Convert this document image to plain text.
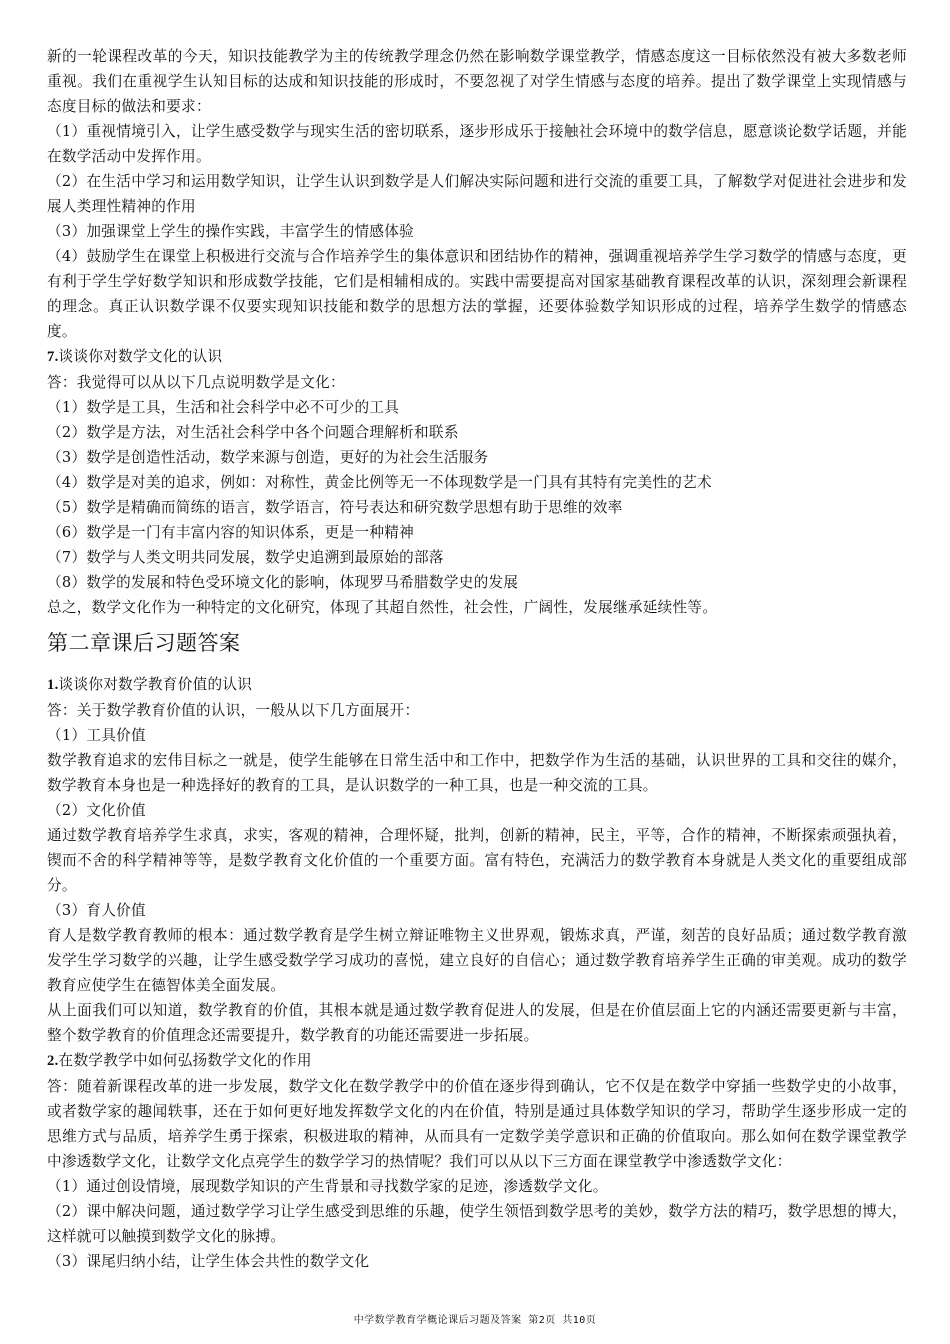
新的一轮课程改革的今天，知识技能教学为主的传统教学理念仍然在影响数学课堂教学，情感态度这一目标依然没有被大多数老师重视。我们在重视学生认知目标的达成和知识技能的形成时，不要忽视了对学生情感与态度的培养。提出了数学课堂上实现情感与态度目标的做法和要求：

（1）重视情境引入，让学生感受数学与现实生活的密切联系，逐步形成乐于接触社会环境中的数学信息，愿意谈论数学话题，并能在数学活动中发挥作用。

（2）在生活中学习和运用数学知识，让学生认识到数学是人们解决实际问题和进行交流的重要工具，了解数学对促进社会进步和发展人类理性精神的作用

（3）加强课堂上学生的操作实践，丰富学生的情感体验

（4）鼓励学生在课堂上积极进行交流与合作培养学生的集体意识和团结协作的精神，强调重视培养学生学习数学的情感与态度，更有利于学生学好数学知识和形成数学技能，它们是相辅相成的。实践中需要提高对国家基础教育课程改革的认识，深刻理会新课程的理念。真正认识数学课不仅要实现知识技能和数学的思想方法的掌握，还要体验数学知识形成的过程，培养学生数学的情感态度。

7.谈谈你对数学文化的认识

答：我觉得可以从以下几点说明数学是文化：

（1）数学是工具，生活和社会科学中必不可少的工具

（2）数学是方法，对生活社会科学中各个问题合理解析和联系

（3）数学是创造性活动，数学来源与创造，更好的为社会生活服务

（4）数学是对美的追求，例如：对称性，黄金比例等无一不体现数学是一门具有其特有完美性的艺术

（5）数学是精确而简练的语言，数学语言，符号表达和研究数学思想有助于思维的效率

（6）数学是一门有丰富内容的知识体系，更是一种精神

（7）数学与人类文明共同发展，数学史追溯到最原始的部落

（8）数学的发展和特色受环境文化的影响，体现罗马希腊数学史的发展

总之，数学文化作为一种特定的文化研究，体现了其超自然性，社会性，广阔性，发展继承延续性等。

第二章课后习题答案

1.谈谈你对数学教育价值的认识

答：关于数学教育价值的认识，一般从以下几方面展开：

（1）工具价值

数学教育追求的宏伟目标之一就是，使学生能够在日常生活中和工作中，把数学作为生活的基础，认识世界的工具和交往的媒介，数学教育本身也是一种选择好的教育的工具，是认识数学的一种工具，也是一种交流的工具。

（2）文化价值

通过数学教育培养学生求真，求实，客观的精神，合理怀疑，批判，创新的精神，民主，平等，合作的精神，不断探索顽强执着，锲而不舍的科学精神等等，是数学教育文化价值的一个重要方面。富有特色，充满活力的数学教育本身就是人类文化的重要组成部分。

（3）育人价值

育人是数学教育教师的根本：通过数学教育是学生树立辩证唯物主义世界观，锻炼求真，严谨，刻苦的良好品质；通过数学教育激发学生学习数学的兴趣，让学生感受数学学习成功的喜悦，建立良好的自信心；通过数学教育培养学生正确的审美观。成功的数学教育应使学生在德智体美全面发展。

从上面我们可以知道，数学教育的价值，其根本就是通过数学教育促进人的发展，但是在价值层面上它的内涵还需要更新与丰富，整个数学教育的价值理念还需要提升，数学教育的功能还需要进一步拓展。

2.在数学教学中如何弘扬数学文化的作用

答：随着新课程改革的进一步发展，数学文化在数学教学中的价值在逐步得到确认，它不仅是在数学中穿插一些数学史的小故事，或者数学家的趣闻轶事，还在于如何更好地发挥数学文化的内在价值，特别是通过具体数学知识的学习，帮助学生逐步形成一定的思维方式与品质，培养学生勇于探索，积极进取的精神，从而具有一定数学美学意识和正确的价值取向。那么如何在数学课堂教学中渗透数学文化，让数学文化点亮学生的数学学习的热情呢？我们可以从以下三方面在课堂教学中渗透数学文化：

（1）通过创设情境，展现数学知识的产生背景和寻找数学家的足迹，渗透数学文化。

（2）课中解决问题，通过数学学习让学生感受到思维的乐趣，使学生领悟到数学思考的美妙，数学方法的精巧，数学思想的博大，这样就可以触摸到数学文化的脉搏。

（3）课尾归纳小结，让学生体会共性的数学文化

中学数学教育学概论课后习题及答案 第2页 共10页
